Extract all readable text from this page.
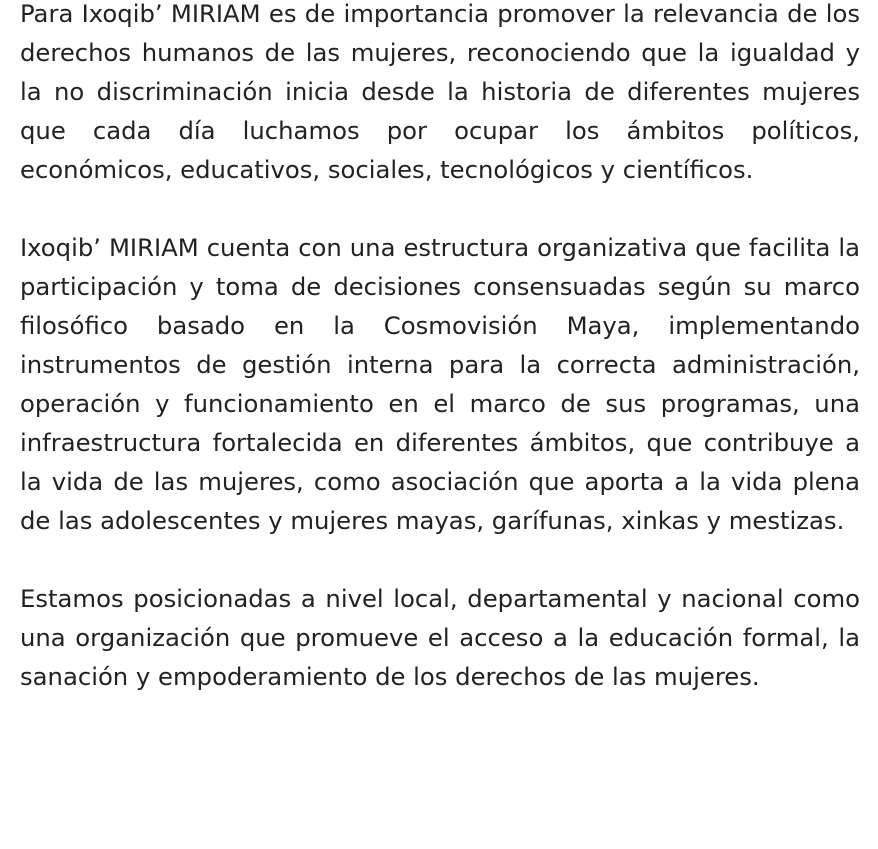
Para Ixoqib’ MIRIAM es de importancia promover la relevancia de los derechos humanos de las mujeres, reconociendo que la igualdad y la no discriminación inicia desde la historia de diferentes mujeres que cada día luchamos por ocupar los ámbitos políticos, económicos, educativos, sociales, tecnológicos y científicos.

Ixoqib’ MIRIAM cuenta con una estructura organizativa que facilita la participación y toma de decisiones consensuadas según su marco filosófico basado en la Cosmovisión Maya, implementando instrumentos de gestión interna para la correcta administración, operación y funcionamiento en el marco de sus programas, una infraestructura fortalecida en diferentes ámbitos, que contribuye a la vida de las mujeres, como asociación que aporta a la vida plena de las adolescentes y mujeres mayas, garífunas, xinkas y mestizas.

Estamos posicionadas a nivel local, departamental y nacional como una organización que promueve el acceso a la educación formal, la sanación y empoderamiento de los derechos de las mujeres.
